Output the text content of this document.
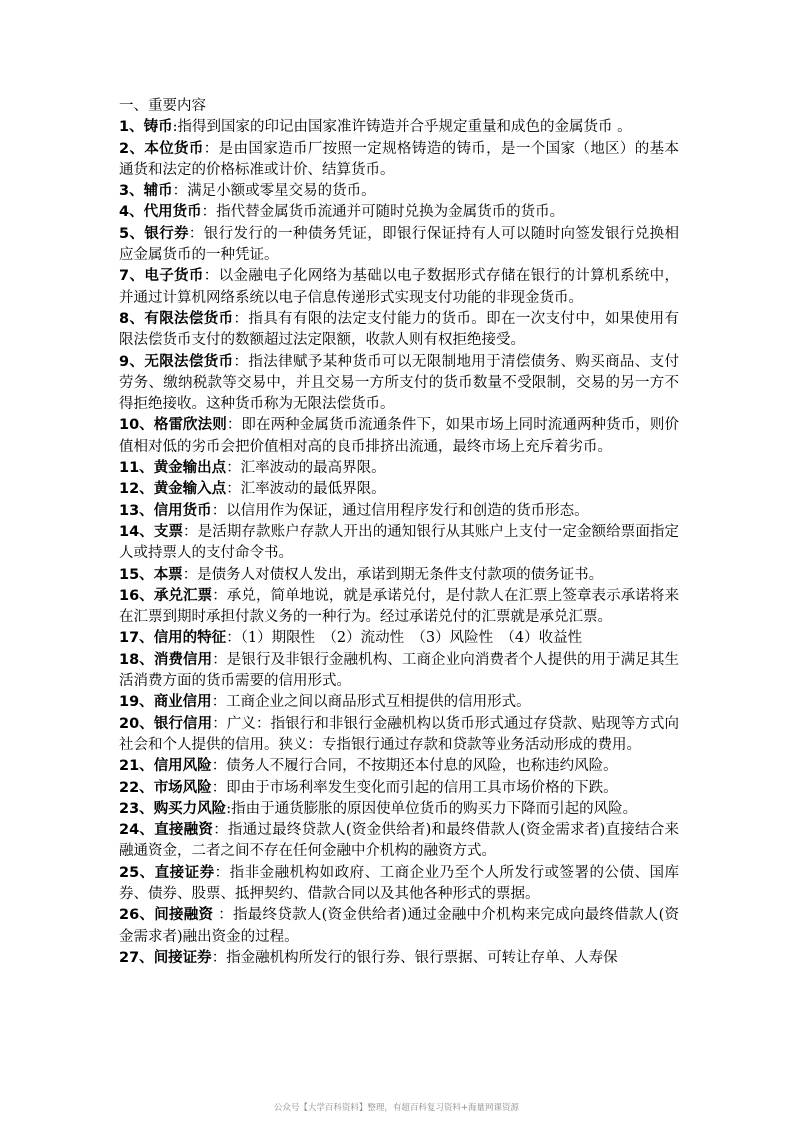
一、重要内容

1、铸币:指得到国家的印记由国家准许铸造并合乎规定重量和成色的金属货币 。

2、本位货币：是由国家造币厂按照一定规格铸造的铸币，是一个国家（地区）的基本通货和法定的价格标准或计价、结算货币。

3、辅币：满足小额或零星交易的货币。

4、代用货币：指代替金属货币流通并可随时兑换为金属货币的货币。

5、银行券：银行发行的一种债务凭证，即银行保证持有人可以随时向签发银行兑换相应金属货币的一种凭证。

7、电子货币：以金融电子化网络为基础以电子数据形式存储在银行的计算机系统中，并通过计算机网络系统以电子信息传递形式实现支付功能的非现金货币。

8、有限法偿货币：指具有有限的法定支付能力的货币。即在一次支付中，如果使用有限法偿货币支付的数额超过法定限额，收款人则有权拒绝接受。

9、无限法偿货币：指法律赋予某种货币可以无限制地用于清偿债务、购买商品、支付劳务、缴纳税款等交易中，并且交易一方所支付的货币数量不受限制，交易的另一方不得拒绝接收。这种货币称为无限法偿货币。

10、格雷欣法则：即在两种金属货币流通条件下，如果市场上同时流通两种货币，则价值相对低的劣币会把价值相对高的良币排挤出流通，最终市场上充斥着劣币。

11、黄金输出点：汇率波动的最高界限。

12、黄金输入点：汇率波动的最低界限。

13、信用货币：以信用作为保证，通过信用程序发行和创造的货币形态。

14、支票：是活期存款账户存款人开出的通知银行从其账户上支付一定金额给票面指定人或持票人的支付命令书。

15、本票：是债务人对债权人发出，承诺到期无条件支付款项的债务证书。

16、承兑汇票：承兑，简单地说，就是承诺兑付，是付款人在汇票上签章表示承诺将来在汇票到期时承担付款义务的一种行为。经过承诺兑付的汇票就是承兑汇票。

17、信用的特征：（1）期限性　（2）流动性　（3）风险性　（4）收益性

18、消费信用：是银行及非银行金融机构、工商企业向消费者个人提供的用于满足其生活消费方面的货币需要的信用形式。

19、商业信用：工商企业之间以商品形式互相提供的信用形式。

20、银行信用：广义：指银行和非银行金融机构以货币形式通过存贷款、贴现等方式向社会和个人提供的信用。狭义：专指银行通过存款和贷款等业务活动形成的费用。

21、信用风险：债务人不履行合同，不按期还本付息的风险，也称违约风险。

22、市场风险：即由于市场利率发生变化而引起的信用工具市场价格的下跌。

23、购买力风险:指由于通货膨胀的原因使单位货币的购买力下降而引起的风险。

24、直接融资：指通过最终贷款人(资金供给者)和最终借款人(资金需求者)直接结合来融通资金，二者之间不存在任何金融中介机构的融资方式。

25、直接证券：指非金融机构如政府、工商企业乃至个人所发行或签署的公债、国库券、债券、股票、抵押契约、借款合同以及其他各种形式的票据。

26、间接融资 ：指最终贷款人(资金供给者)通过金融中介机构来完成向最终借款人(资金需求者)融出资金的过程。

27、间接证券：指金融机构所发行的银行券、银行票据、可转让存单、人寿保

公众号【大学百科资料】整理，有超百科复习资料+海量网课资源
